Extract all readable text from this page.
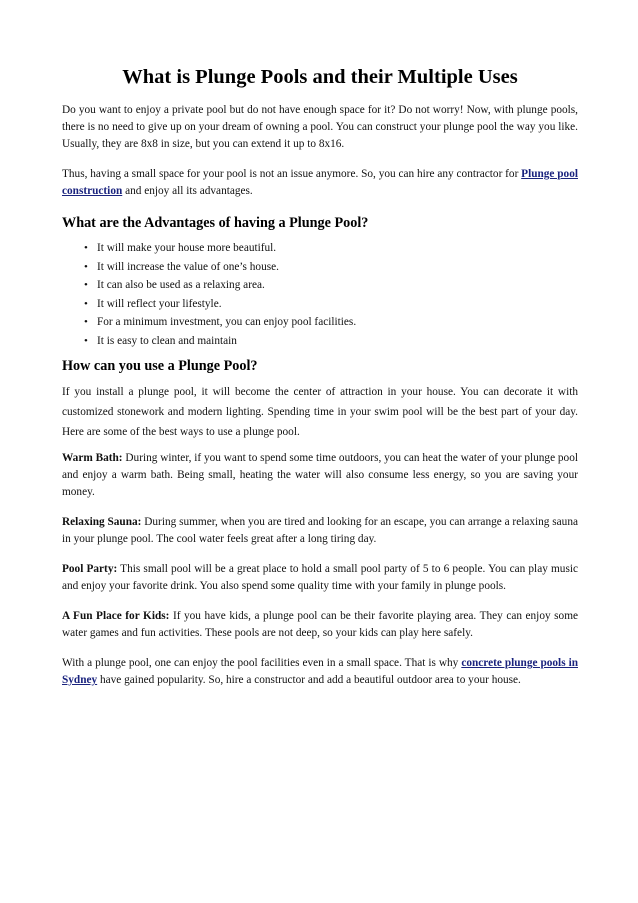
What is Plunge Pools and their Multiple Uses

Do you want to enjoy a private pool but do not have enough space for it? Do not worry! Now, with plunge pools, there is no need to give up on your dream of owning a pool. You can construct your plunge pool the way you like. Usually, they are 8x8 in size, but you can extend it up to 8x16.

Thus, having a small space for your pool is not an issue anymore. So, you can hire any contractor for Plunge pool construction and enjoy all its advantages.

What are the Advantages of having a Plunge Pool?
• It will make your house more beautiful.
• It will increase the value of one’s house.
• It can also be used as a relaxing area.
• It will reflect your lifestyle.
• For a minimum investment, you can enjoy pool facilities.
• It is easy to clean and maintain
How can you use a Plunge Pool?

If you install a plunge pool, it will become the center of attraction in your house. You can decorate it with customized stonework and modern lighting. Spending time in your swim pool will be the best part of your day. Here are some of the best ways to use a plunge pool.

Warm Bath: During winter, if you want to spend some time outdoors, you can heat the water of your plunge pool and enjoy a warm bath. Being small, heating the water will also consume less energy, so you are saving your money.

Relaxing Sauna: During summer, when you are tired and looking for an escape, you can arrange a relaxing sauna in your plunge pool. The cool water feels great after a long tiring day.

Pool Party: This small pool will be a great place to hold a small pool party of 5 to 6 people. You can play music and enjoy your favorite drink. You also spend some quality time with your family in plunge pools.

A Fun Place for Kids: If you have kids, a plunge pool can be their favorite playing area. They can enjoy some water games and fun activities. These pools are not deep, so your kids can play here safely.

With a plunge pool, one can enjoy the pool facilities even in a small space. That is why concrete plunge pools in Sydney have gained popularity. So, hire a constructor and add a beautiful outdoor area to your house.
